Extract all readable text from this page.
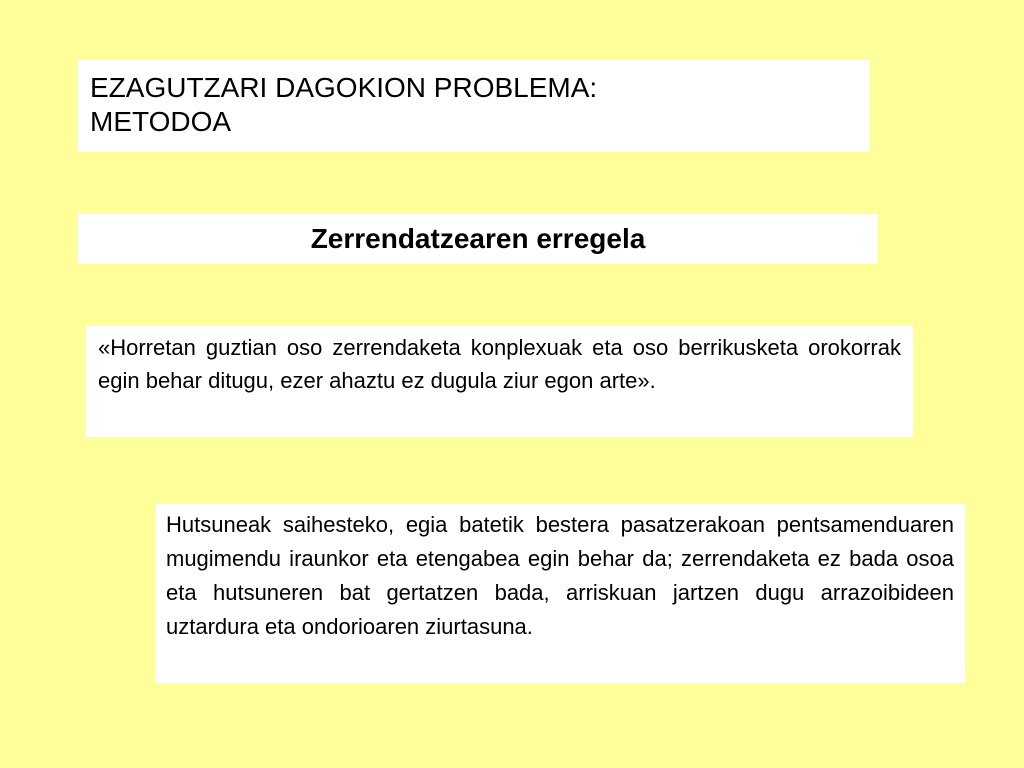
EZAGUTZARI DAGOKION PROBLEMA:
METODOA
Zerrendatzearen erregela
«Horretan guztian oso zerrendaketa konplexuak eta oso berrikusketa orokorrak egin behar ditugu, ezer ahaztu ez dugula ziur egon arte».
Hutsuneak saihesteko, egia batetik bestera pasatzerakoan pentsamenduaren mugimendu iraunkor eta etengabea egin behar da; zerrendaketa ez bada osoa eta hutsuneren bat gertatzen bada, arriskuan jartzen dugu arrazoibideen uztardura eta ondorioaren ziurtasuna.
